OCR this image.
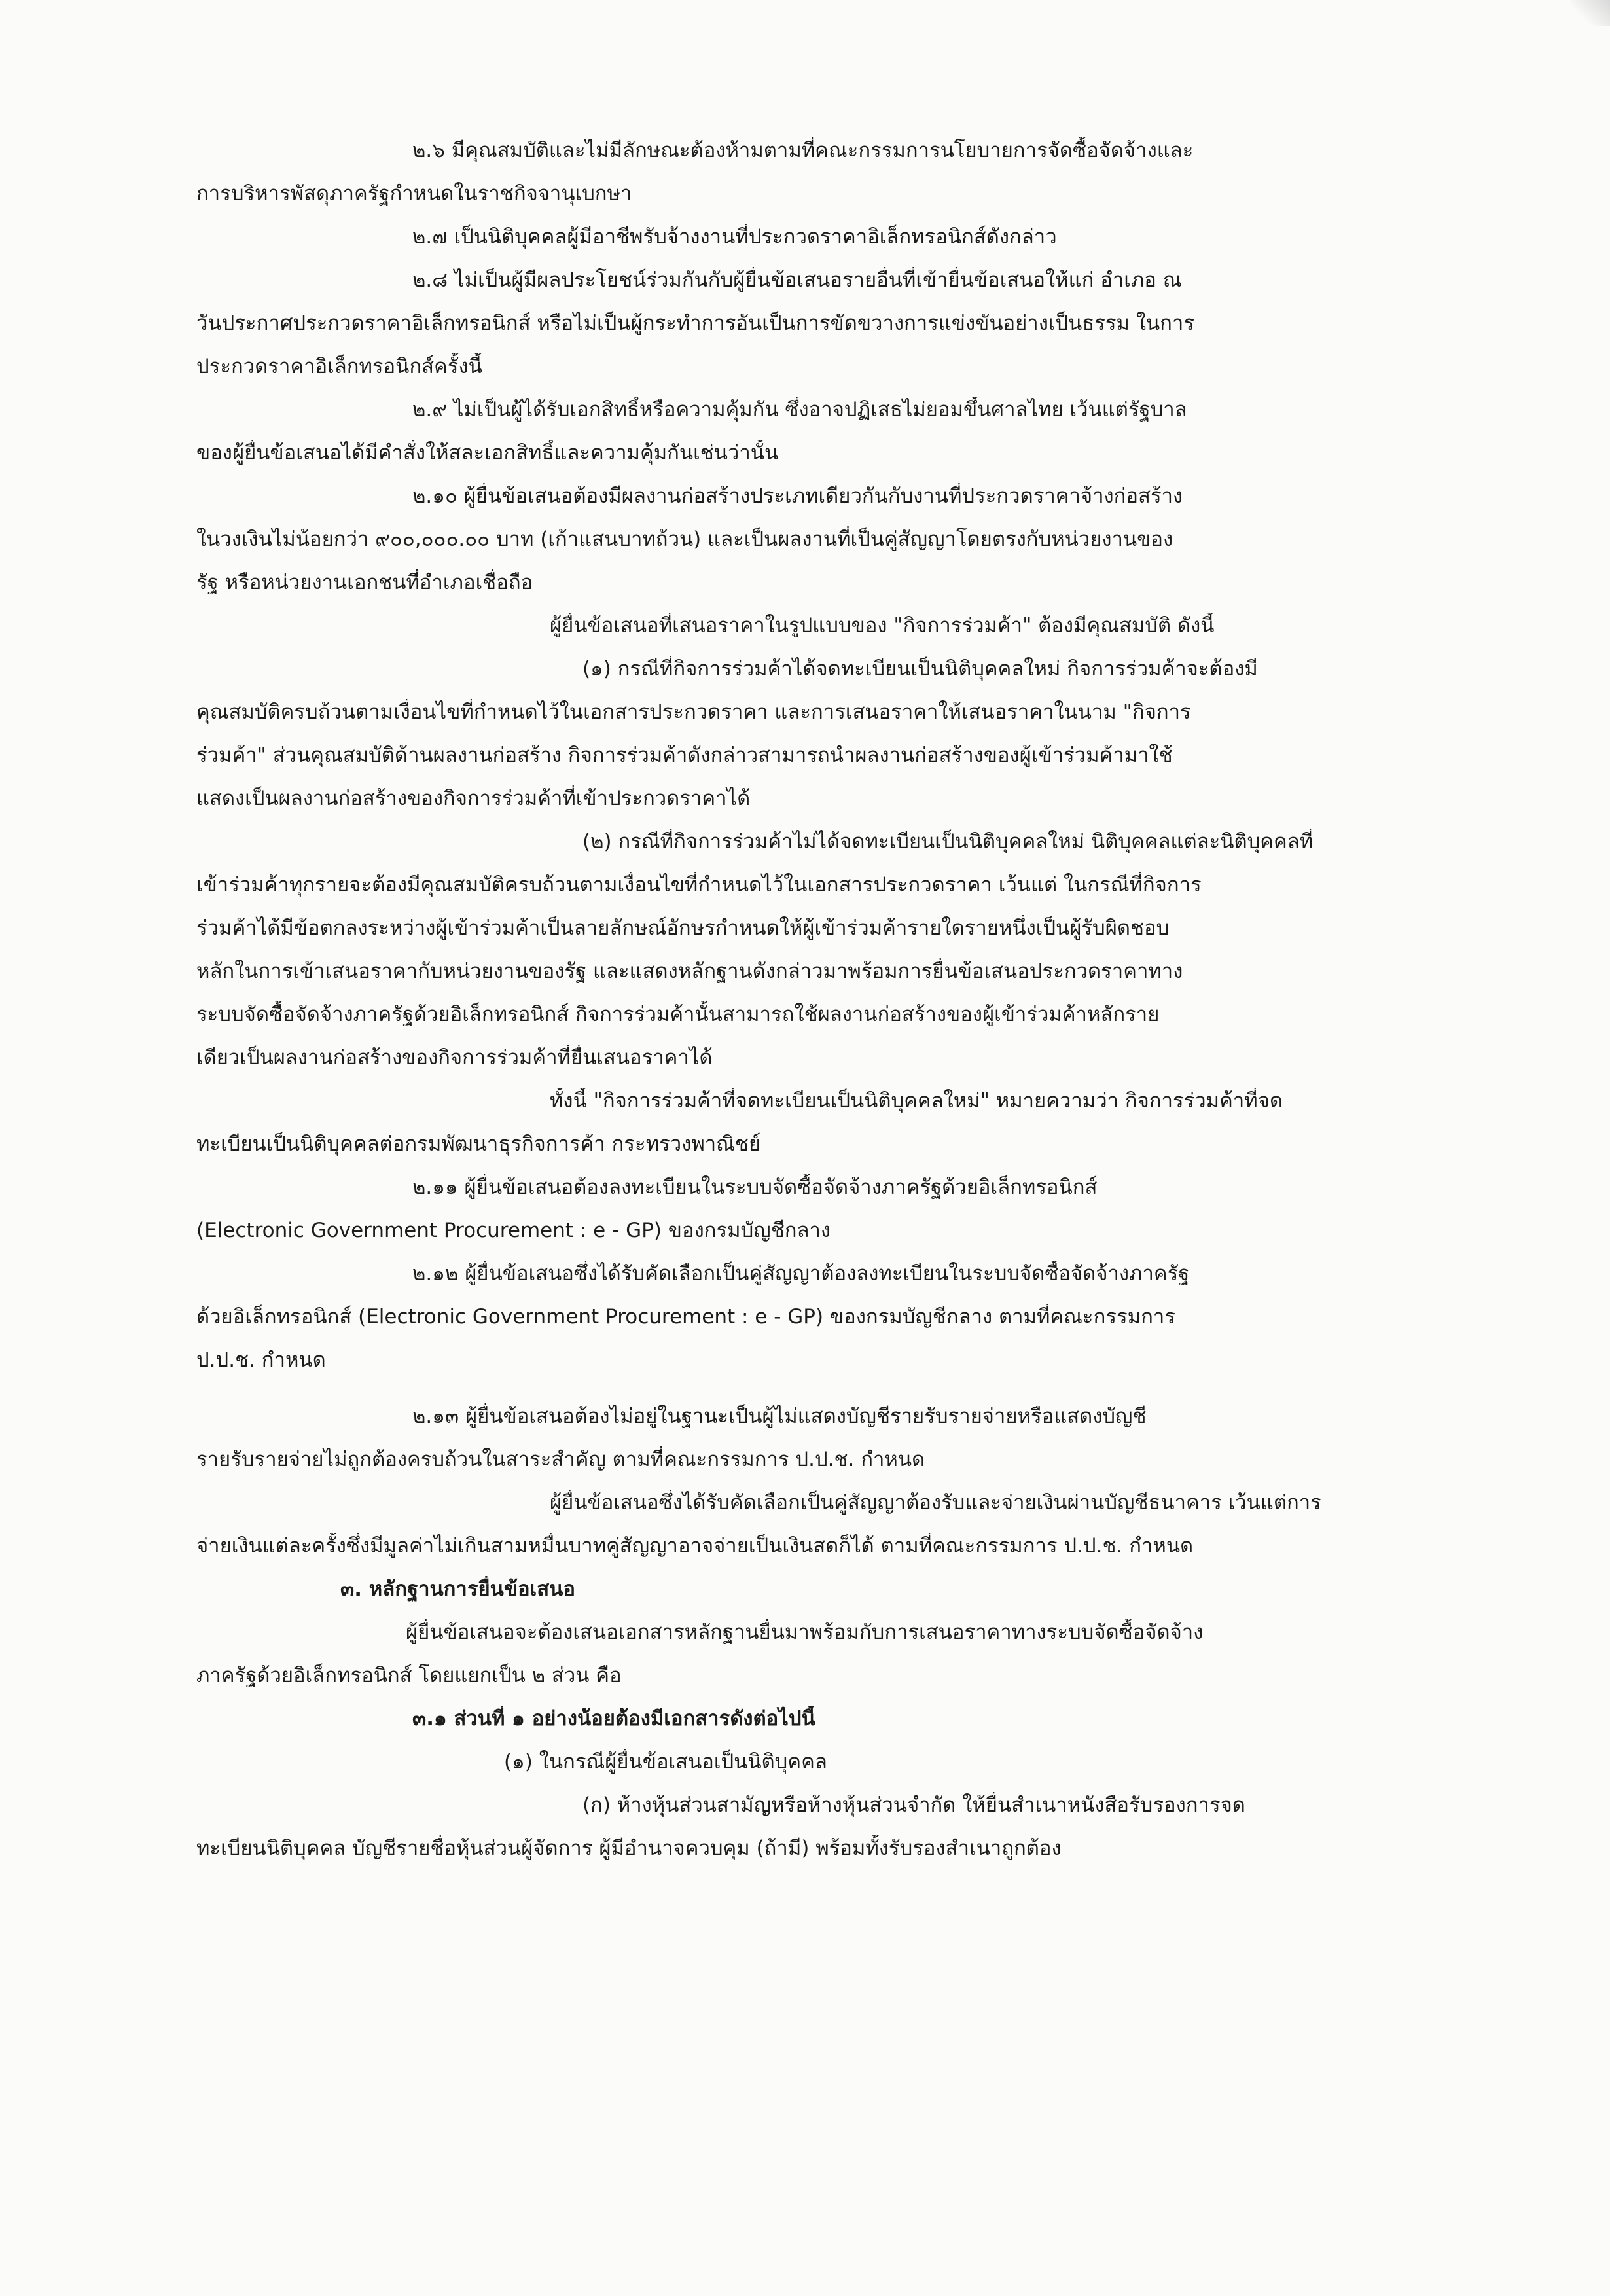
๒.๖ มีคุณสมบัติและไม่มีลักษณะต้องห้ามตามที่คณะกรรมการนโยบายการจัดซื้อจัดจ้างและ
การบริหารพัสดุภาครัฐกำหนดในราชกิจจานุเบกษา
๒.๗ เป็นนิติบุคคลผู้มีอาชีพรับจ้างงานที่ประกวดราคาอิเล็กทรอนิกส์ดังกล่าว
๒.๘ ไม่เป็นผู้มีผลประโยชน์ร่วมกันกับผู้ยื่นข้อเสนอรายอื่นที่เข้ายื่นข้อเสนอให้แก่ อำเภอ ณ
วันประกาศประกวดราคาอิเล็กทรอนิกส์ หรือไม่เป็นผู้กระทำการอันเป็นการขัดขวางการแข่งขันอย่างเป็นธรรม ในการ
ประกวดราคาอิเล็กทรอนิกส์ครั้งนี้
๒.๙ ไม่เป็นผู้ได้รับเอกสิทธิ์หรือความคุ้มกัน ซึ่งอาจปฏิเสธไม่ยอมขึ้นศาลไทย เว้นแต่รัฐบาล
ของผู้ยื่นข้อเสนอได้มีคำสั่งให้สละเอกสิทธิ์และความคุ้มกันเช่นว่านั้น
๒.๑๐ ผู้ยื่นข้อเสนอต้องมีผลงานก่อสร้างประเภทเดียวกันกับงานที่ประกวดราคาจ้างก่อสร้าง
ในวงเงินไม่น้อยกว่า ๙๐๐,๐๐๐.๐๐ บาท (เก้าแสนบาทถ้วน) และเป็นผลงานที่เป็นคู่สัญญาโดยตรงกับหน่วยงานของ
รัฐ หรือหน่วยงานเอกชนที่อำเภอเชื่อถือ
ผู้ยื่นข้อเสนอที่เสนอราคาในรูปแบบของ "กิจการร่วมค้า" ต้องมีคุณสมบัติ ดังนี้
(๑) กรณีที่กิจการร่วมค้าได้จดทะเบียนเป็นนิติบุคคลใหม่ กิจการร่วมค้าจะต้องมี
คุณสมบัติครบถ้วนตามเงื่อนไขที่กำหนดไว้ในเอกสารประกวดราคา และการเสนอราคาให้เสนอราคาในนาม "กิจการ
ร่วมค้า" ส่วนคุณสมบัติด้านผลงานก่อสร้าง กิจการร่วมค้าดังกล่าวสามารถนำผลงานก่อสร้างของผู้เข้าร่วมค้ามาใช้
แสดงเป็นผลงานก่อสร้างของกิจการร่วมค้าที่เข้าประกวดราคาได้
(๒) กรณีที่กิจการร่วมค้าไม่ได้จดทะเบียนเป็นนิติบุคคลใหม่ นิติบุคคลแต่ละนิติบุคคลที่
เข้าร่วมค้าทุกรายจะต้องมีคุณสมบัติครบถ้วนตามเงื่อนไขที่กำหนดไว้ในเอกสารประกวดราคา เว้นแต่ ในกรณีที่กิจการ
ร่วมค้าได้มีข้อตกลงระหว่างผู้เข้าร่วมค้าเป็นลายลักษณ์อักษรกำหนดให้ผู้เข้าร่วมค้ารายใดรายหนึ่งเป็นผู้รับผิดชอบ
หลักในการเข้าเสนอราคากับหน่วยงานของรัฐ และแสดงหลักฐานดังกล่าวมาพร้อมการยื่นข้อเสนอประกวดราคาทาง
ระบบจัดซื้อจัดจ้างภาครัฐด้วยอิเล็กทรอนิกส์ กิจการร่วมค้านั้นสามารถใช้ผลงานก่อสร้างของผู้เข้าร่วมค้าหลักราย
เดียวเป็นผลงานก่อสร้างของกิจการร่วมค้าที่ยื่นเสนอราคาได้
ทั้งนี้ "กิจการร่วมค้าที่จดทะเบียนเป็นนิติบุคคลใหม่" หมายความว่า กิจการร่วมค้าที่จด
ทะเบียนเป็นนิติบุคคลต่อกรมพัฒนาธุรกิจการค้า กระทรวงพาณิชย์
๒.๑๑ ผู้ยื่นข้อเสนอต้องลงทะเบียนในระบบจัดซื้อจัดจ้างภาครัฐด้วยอิเล็กทรอนิกส์
(Electronic Government Procurement : e - GP) ของกรมบัญชีกลาง
๒.๑๒ ผู้ยื่นข้อเสนอซึ่งได้รับคัดเลือกเป็นคู่สัญญาต้องลงทะเบียนในระบบจัดซื้อจัดจ้างภาครัฐ
ด้วยอิเล็กทรอนิกส์ (Electronic Government Procurement : e - GP) ของกรมบัญชีกลาง ตามที่คณะกรรมการ
ป.ป.ช. กำหนด
๒.๑๓ ผู้ยื่นข้อเสนอต้องไม่อยู่ในฐานะเป็นผู้ไม่แสดงบัญชีรายรับรายจ่ายหรือแสดงบัญชี
รายรับรายจ่ายไม่ถูกต้องครบถ้วนในสาระสำคัญ ตามที่คณะกรรมการ ป.ป.ช. กำหนด
ผู้ยื่นข้อเสนอซึ่งได้รับคัดเลือกเป็นคู่สัญญาต้องรับและจ่ายเงินผ่านบัญชีธนาคาร เว้นแต่การ
จ่ายเงินแต่ละครั้งซึ่งมีมูลค่าไม่เกินสามหมื่นบาทคู่สัญญาอาจจ่ายเป็นเงินสดก็ได้ ตามที่คณะกรรมการ ป.ป.ช. กำหนด
๓. หลักฐานการยื่นข้อเสนอ
ผู้ยื่นข้อเสนอจะต้องเสนอเอกสารหลักฐานยื่นมาพร้อมกับการเสนอราคาทางระบบจัดซื้อจัดจ้าง
ภาครัฐด้วยอิเล็กทรอนิกส์ โดยแยกเป็น ๒ ส่วน คือ
๓.๑ ส่วนที่ ๑ อย่างน้อยต้องมีเอกสารดังต่อไปนี้
(๑) ในกรณีผู้ยื่นข้อเสนอเป็นนิติบุคคล
(ก) ห้างหุ้นส่วนสามัญหรือห้างหุ้นส่วนจำกัด ให้ยื่นสำเนาหนังสือรับรองการจด
ทะเบียนนิติบุคคล บัญชีรายชื่อหุ้นส่วนผู้จัดการ ผู้มีอำนาจควบคุม (ถ้ามี) พร้อมทั้งรับรองสำเนาถูกต้อง
